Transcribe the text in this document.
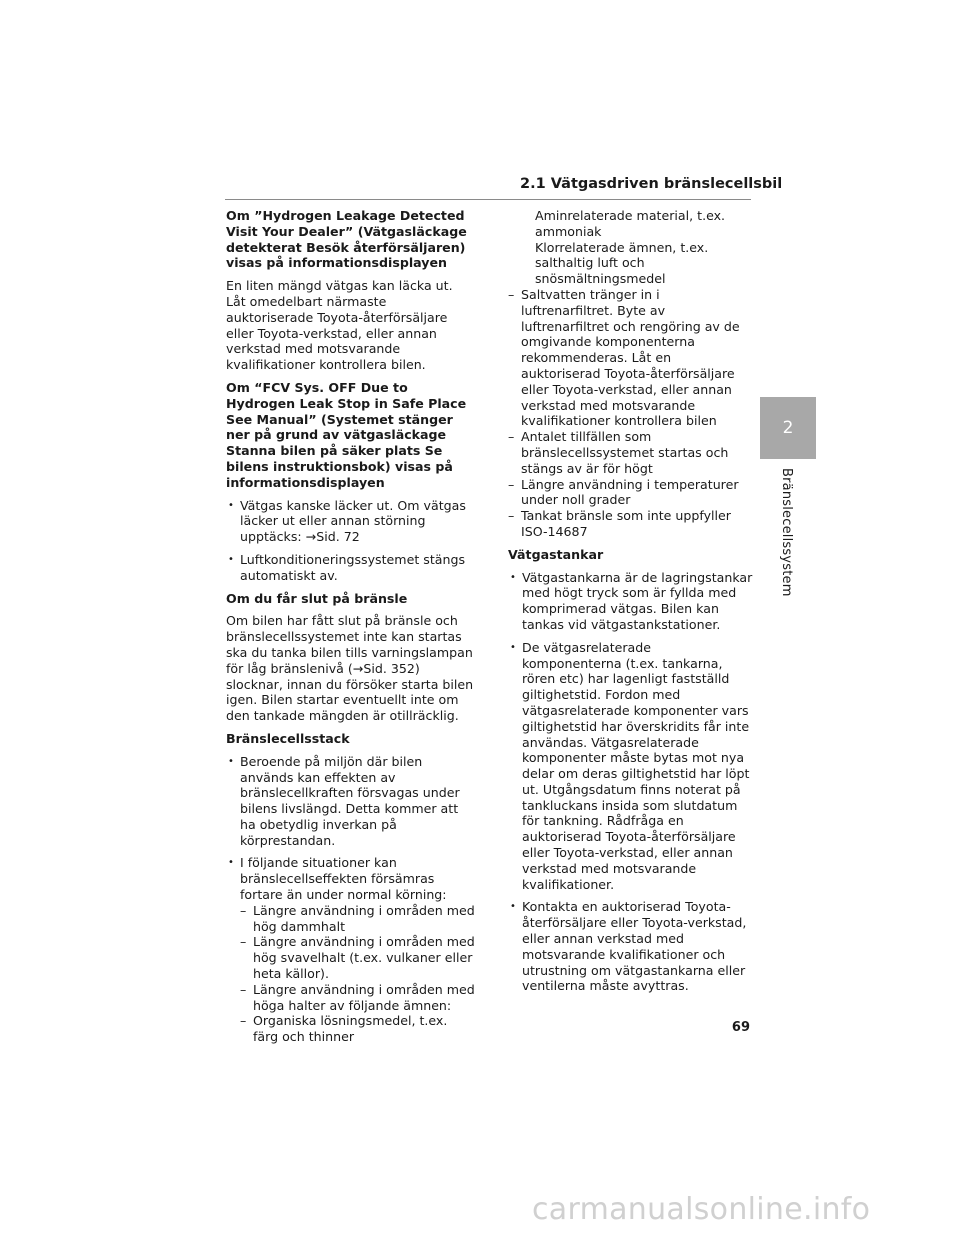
2.1 Vätgasdriven bränslecellsbil

Om ”Hydrogen Leakage Detected Visit Your Dealer” (Vätgasläckage detekterat Besök återförsäljaren) visas på informationsdisplayen

En liten mängd vätgas kan läcka ut. Låt omedelbart närmaste auktoriserade Toyota-återförsäljare eller Toyota-verkstad, eller annan verkstad med motsvarande kvalifikationer kontrollera bilen.

Om “FCV Sys. OFF Due to Hydrogen Leak Stop in Safe Place See Manual” (Systemet stänger ner på grund av vätgasläckage Stanna bilen på säker plats Se bilens instruktionsbok) visas på informationsdisplayen

• Vätgas kanske läcker ut. Om vätgas läcker ut eller annan störning upptäcks: →Sid. 72

• Luftkonditioneringssystemet stängs automatiskt av.

Om du får slut på bränsle

Om bilen har fått slut på bränsle och bränslecellssystemet inte kan startas ska du tanka bilen tills varningslampan för låg bränslenivå (→Sid. 352) slocknar, innan du försöker starta bilen igen. Bilen startar eventuellt inte om den tankade mängden är otillräcklig.

Bränslecellsstack

• Beroende på miljön där bilen används kan effekten av bränslecellkraften försvagas under bilens livslängd. Detta kommer att ha obetydlig inverkan på körprestandan.

• I följande situationer kan bränslecellseffekten försämras fortare än under normal körning:

– Längre användning i områden med hög dammhalt

– Längre användning i områden med hög svavelhalt (t.ex. vulkaner eller heta källor).

– Längre användning i områden med höga halter av följande ämnen:

– Organiska lösningsmedel, t.ex. färg och thinner

Aminrelaterade material, t.ex. ammoniak

Klorrelaterade ämnen, t.ex. salthaltig luft och snösmältningsmedel

– Saltvatten tränger in i luftrenarfiltret. Byte av luftrenarfiltret och rengöring av de omgivande komponenterna rekommenderas. Låt en auktoriserad Toyota-återförsäljare eller Toyota-verkstad, eller annan verkstad med motsvarande kvalifikationer kontrollera bilen

– Antalet tillfällen som bränslecellssystemet startas och stängs av är för högt

– Längre användning i temperaturer under noll grader

– Tankat bränsle som inte uppfyller ISO-14687

Vätgastankar

• Vätgastankarna är de lagringstankar med högt tryck som är fyllda med komprimerad vätgas. Bilen kan tankas vid vätgastankstationer.

• De vätgasrelaterade komponenterna (t.ex. tankarna, rören etc) har lagenligt fastställd giltighetstid. Fordon med vätgasrelaterade komponenter vars giltighetstid har överskridits får inte användas. Vätgasrelaterade komponenter måste bytas mot nya delar om deras giltighetstid har löpt ut. Utgångsdatum finns noterat på tankluckans insida som slutdatum för tankning. Rådfråga en auktoriserad Toyota-återförsäljare eller Toyota-verkstad, eller annan verkstad med motsvarande kvalifikationer.

• Kontakta en auktoriserad Toyota-återförsäljare eller Toyota-verkstad, eller annan verkstad med motsvarande kvalifikationer och utrustning om vätgastankarna eller ventilerna måste avyttras.

2
Bränslecellssystem
69
carmanualsonline.info
